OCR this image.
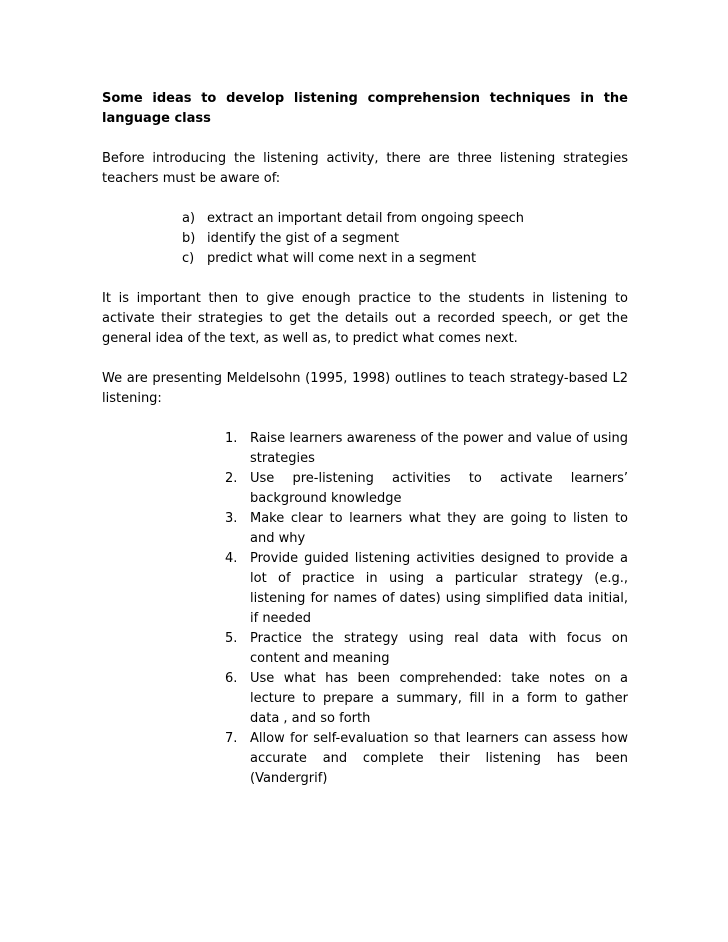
Some ideas to develop listening comprehension techniques in the language class

Before introducing the listening activity, there are three listening strategies teachers must be aware of:

a) extract an important detail from ongoing speech
b) identify the gist of a segment
c) predict what will come next in a segment

It is important then to give enough practice to the students in listening to activate their strategies to get the details out a recorded speech, or get the general idea of the text, as well as, to predict what comes next.

We are presenting Meldelsohn (1995, 1998) outlines to teach strategy-based L2 listening:

1. Raise learners awareness of the power and value of using strategies
2. Use pre-listening activities to activate learners’ background knowledge
3. Make clear to learners what they are going to listen to and why
4. Provide guided listening activities designed to provide a lot of practice in using a particular strategy (e.g., listening for names of dates) using simplified data initial, if needed
5. Practice the strategy using real data with focus on content and meaning
6. Use what has been comprehended: take notes on a lecture to prepare a summary, fill in a form to gather data , and so forth
7. Allow for self-evaluation so that learners can assess how accurate and complete their listening has been (Vandergrif)
